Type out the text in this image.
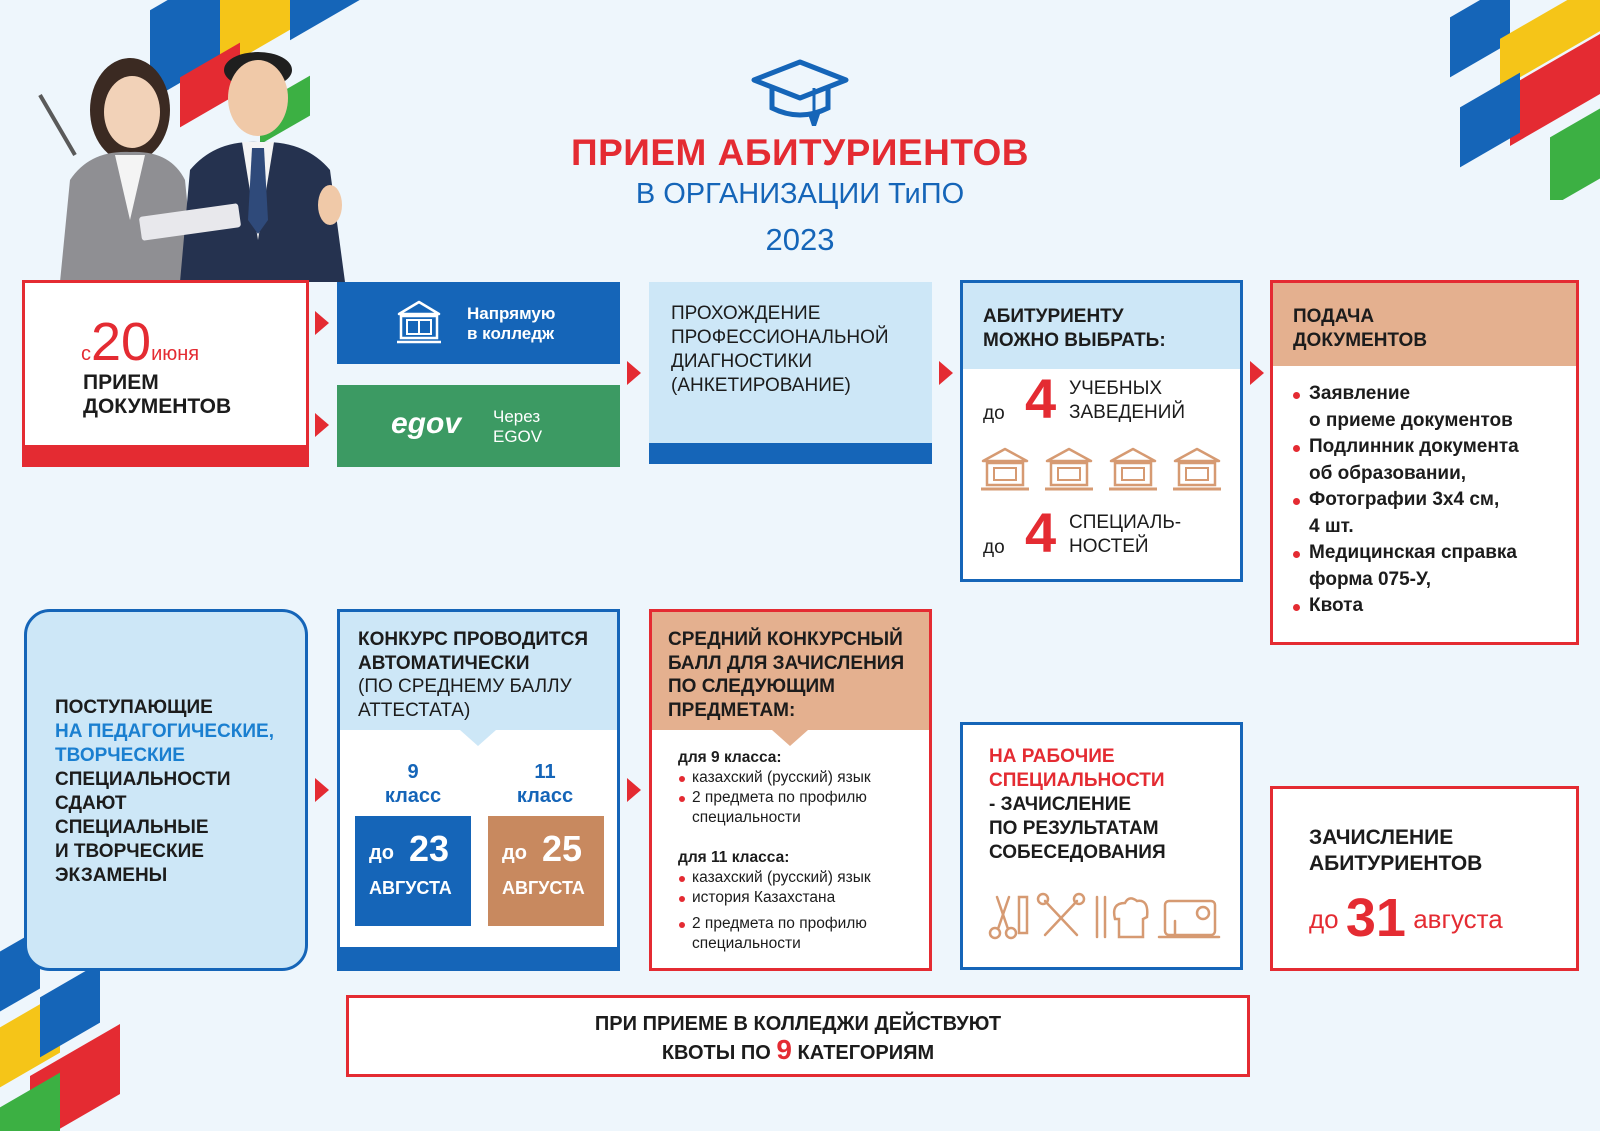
ПРИЕМ АБИТУРИЕНТОВ
В ОРГАНИЗАЦИИ ТиПО
2023
с20июня
ПРИЕМ
ДОКУМЕНТОВ
Напрямую
в колледж
egov Через
EGOV
ПРОХОЖДЕНИЕ
ПРОФЕССИОНАЛЬНОЙ
ДИАГНОСТИКИ
(АНКЕТИРОВАНИЕ)
АБИТУРИЕНТУ
МОЖНО ВЫБРАТЬ:
до 4 УЧЕБНЫХ
ЗАВЕДЕНИЙ
до 4 СПЕЦИАЛЬ-
НОСТЕЙ
ПОДАЧА
ДОКУМЕНТОВ
Заявление
о приеме документов
Подлинник документа
об образовании,
Фотографии 3х4 см,
4 шт.
Медицинская справка
форма 075-У,
Квота
ПОСТУПАЮЩИЕ
НА ПЕДАГОГИЧЕСКИЕ,
ТВОРЧЕСКИЕ
СПЕЦИАЛЬНОСТИ
СДАЮТ
СПЕЦИАЛЬНЫЕ
И ТВОРЧЕСКИЕ
ЭКЗАМЕНЫ
КОНКУРС ПРОВОДИТСЯ
АВТОМАТИЧЕСКИ
(ПО СРЕДНЕМУ БАЛЛУ
АТТЕСТАТА)
9
класс
11
класс
до 23
АВГУСТА
до 25
АВГУСТА
СРЕДНИЙ КОНКУРСНЫЙ
БАЛЛ ДЛЯ ЗАЧИСЛЕНИЯ
ПО СЛЕДУЮЩИМ
ПРЕДМЕТАМ:
для 9 класса:
казахский (русский) язык
2 предмета по профилю
специальности
для 11 класса:
казахский (русский) язык
история Казахстана
2 предмета по профилю
специальности
НА РАБОЧИЕ
СПЕЦИАЛЬНОСТИ
- ЗАЧИСЛЕНИЕ
ПО РЕЗУЛЬТАТАМ
СОБЕСЕДОВАНИЯ
ЗАЧИСЛЕНИЕ
АБИТУРИЕНТОВ
до 31 августа
ПРИ ПРИЕМЕ В КОЛЛЕДЖИ ДЕЙСТВУЮТ
КВОТЫ ПО 9 КАТЕГОРИЯМ
